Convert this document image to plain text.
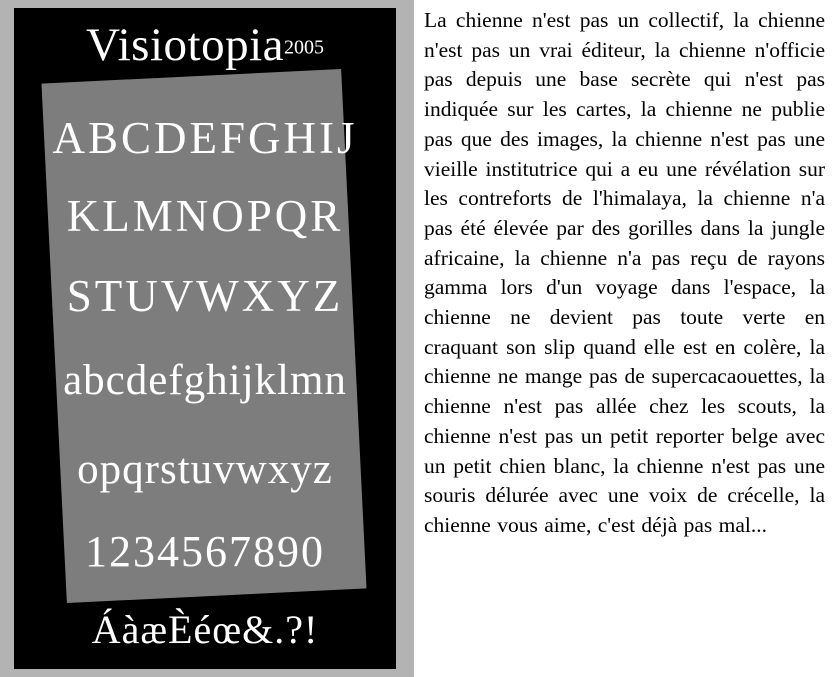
Visiotopia2005
ABCDEFGHIJ
KLMNOPQR
STUVWXYZ
abcdefghijklmn
opqrstuvwxyz
1234567890
ÁàæÈéœ&.?!

La chienne n'est pas un collectif, la chienne n'est pas un vrai éditeur, la chienne n'officie pas depuis une base secrète qui n'est pas indiquée sur les cartes, la chienne ne publie pas que des images, la chienne n'est pas une vieille institutrice qui a eu une révélation sur les contreforts de l'himalaya, la chienne n'a pas été élevée par des gorilles dans la jungle africaine, la chienne n'a pas reçu de rayons gamma lors d'un voyage dans l'espace, la chienne ne devient pas toute verte en craquant son slip quand elle est en colère, la chienne ne mange pas de supercacaouettes, la chienne n'est pas allée chez les scouts, la chienne n'est pas un petit reporter belge avec un petit chien blanc, la chienne n'est pas une souris délurée avec une voix de crécelle, la chienne vous aime, c'est déjà pas mal...
